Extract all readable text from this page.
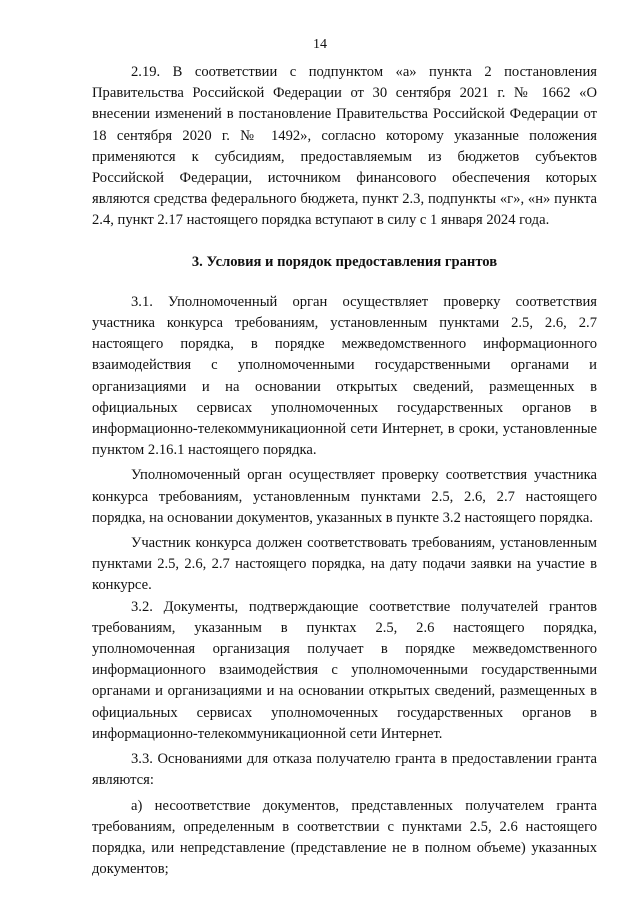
14

2.19. В соответствии с подпунктом «а» пункта 2 постановления Правительства Российской Федерации от 30 сентября 2021 г. № 1662 «О внесении изменений в постановление Правительства Российской Федерации от 18 сентября 2020 г. № 1492», согласно которому указанные положения применяются к субсидиям, предоставляемым из бюджетов субъектов Российской Федерации, источником финансового обеспечения которых являются средства федерального бюджета, пункт 2.3, подпункты «г», «н» пункта 2.4, пункт 2.17 настоящего порядка вступают в силу с 1 января 2024 года.

3. Условия и порядок предоставления грантов

3.1. Уполномоченный орган осуществляет проверку соответствия участника конкурса требованиям, установленным пунктами 2.5, 2.6, 2.7 настоящего порядка, в порядке межведомственного информационного взаимодействия с уполномоченными государственными органами и организациями и на основании открытых сведений, размещенных в официальных сервисах уполномоченных государственных органов в информационно-телекоммуникационной сети Интернет, в сроки, установленные пунктом 2.16.1 настоящего порядка.

Уполномоченный орган осуществляет проверку соответствия участника конкурса требованиям, установленным пунктами 2.5, 2.6, 2.7 настоящего порядка, на основании документов, указанных в пункте 3.2 настоящего порядка.

Участник конкурса должен соответствовать требованиям, установленным пунктами 2.5, 2.6, 2.7 настоящего порядка, на дату подачи заявки на участие в конкурсе.

3.2. Документы, подтверждающие соответствие получателей грантов требованиям, указанным в пунктах 2.5, 2.6 настоящего порядка, уполномоченная организация получает в порядке межведомственного информационного взаимодействия с уполномоченными государственными органами и организациями и на основании открытых сведений, размещенных в официальных сервисах уполномоченных государственных органов в информационно-телекоммуникационной сети Интернет.

3.3. Основаниями для отказа получателю гранта в предоставлении гранта являются:

а) несоответствие документов, представленных получателем гранта требованиям, определенным в соответствии с пунктами 2.5, 2.6 настоящего порядка, или непредставление (представление не в полном объеме) указанных документов;
